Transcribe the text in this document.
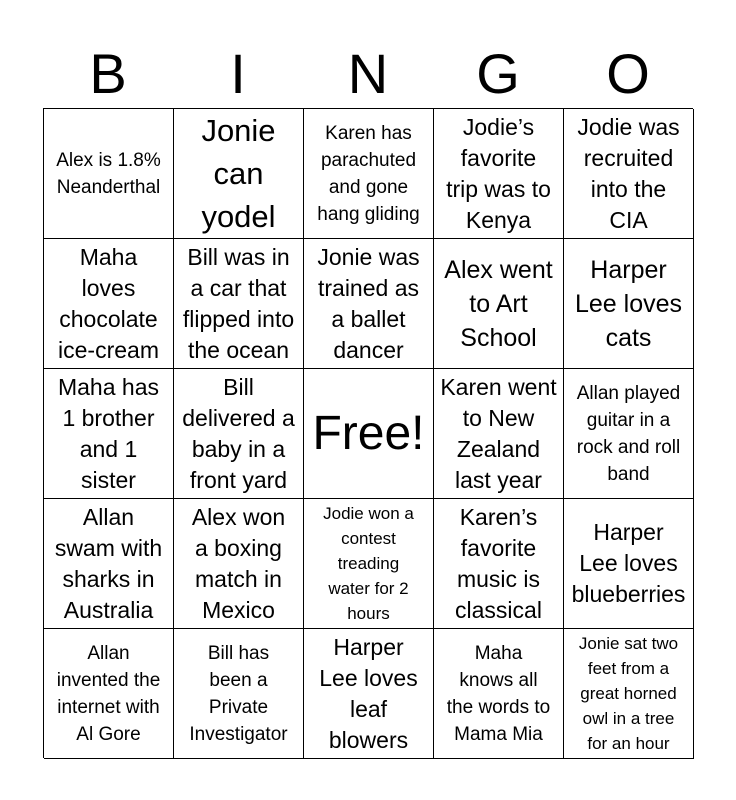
B	I	N	G	O
Alex is 1.8%
Neanderthal
Jonie
can
yodel
Karen has
parachuted
and gone
hang gliding
Jodie’s
favorite
trip was to
Kenya
Jodie was
recruited
into the
CIA
Maha
loves
chocolate
ice-cream
Bill was in
a car that
flipped into
the ocean
Jonie was
trained as
a ballet
dancer
Alex went
to Art
School
Harper
Lee loves
cats
Maha has
1 brother
and 1
sister
Bill
delivered a
baby in a
front yard
Free!
Karen went
to New
Zealand
last year
Allan played
guitar in a
rock and roll
band
Allan
swam with
sharks in
Australia
Alex won
a boxing
match in
Mexico
Jodie won a
contest
treading
water for 2
hours
Karen’s
favorite
music is
classical
Harper
Lee loves
blueberries
Allan
invented the
internet with
Al Gore
Bill has
been a
Private
Investigator
Harper
Lee loves
leaf
blowers
Maha
knows all
the words to
Mama Mia
Jonie sat two
feet from a
great horned
owl in a tree
for an hour
